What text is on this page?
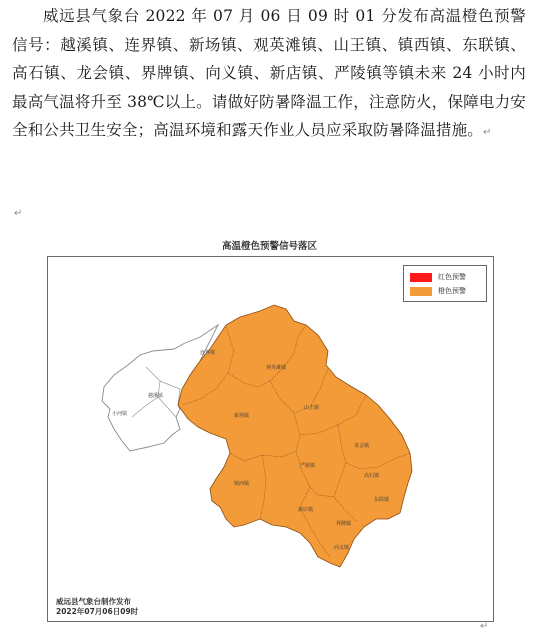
威远县气象台 2022 年 07 月 06 日 09 时 01 分发布高温橙色预警信号：越溪镇、连界镇、新场镇、观英滩镇、山王镇、镇西镇、东联镇、高石镇、龙会镇、界牌镇、向义镇、新店镇、严陵镇等镇未来 24 小时内最高气温将升至 38℃以上。请做好防暑降温工作，注意防火，保障电力安全和公共卫生安全；高温环境和露天作业人员应采取防暑降温措施。↵

↵
高温橙色预警信号落区
连界镇
越溪镇
小河镇
观英滩镇
新场镇
山王镇
龙会镇
严陵镇
镇西镇
高石镇
东联镇
新店镇
界牌镇
向义镇
红色预警
橙色预警
威远县气象台制作发布
2022年07月06日09时
↵
